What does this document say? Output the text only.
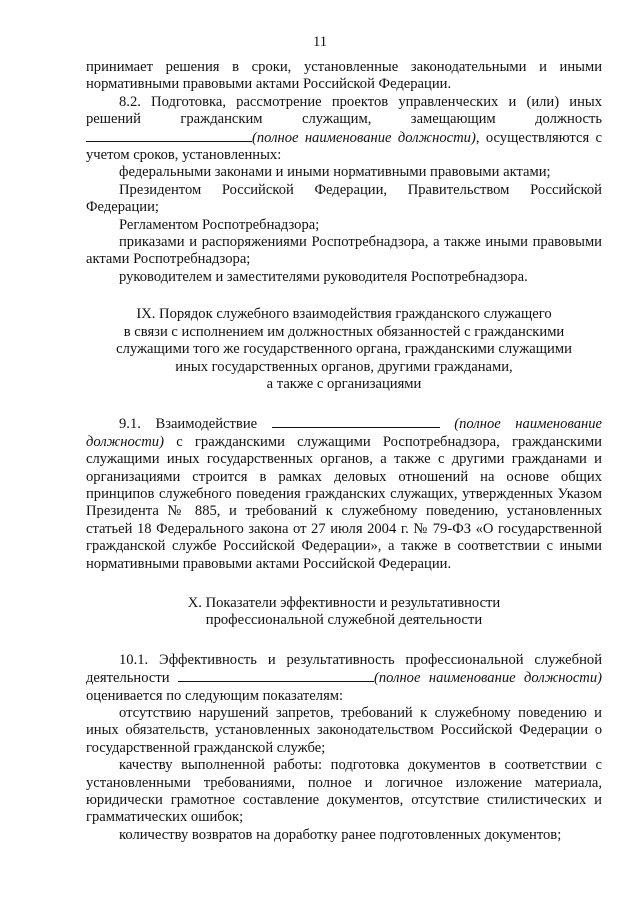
11

принимает решения в сроки, установленные законодательными и иными нормативными правовыми актами Российской Федерации.

8.2. Подготовка, рассмотрение проектов управленческих и (или) иных решений гражданским служащим, замещающим должность (полное наименование должности), осуществляются с учетом сроков, установленных:

федеральными законами и иными нормативными правовыми актами;

Президентом Российской Федерации, Правительством Российской Федерации;

Регламентом Роспотребнадзора;

приказами и распоряжениями Роспотребнадзора, а также иными правовыми актами Роспотребнадзора;

руководителем и заместителями руководителя Роспотребнадзора.

IX. Порядок служебного взаимодействия гражданского служащего

в связи с исполнением им должностных обязанностей с гражданскими

служащими того же государственного органа, гражданскими служащими

иных государственных органов, другими гражданами,

а также с организациями

9.1. Взаимодействие	(полное наименование должности) с гражданскими служащими Роспотребнадзора, гражданскими служащими иных государственных органов, а также с другими гражданами и организациями строится в рамках деловых отношений на основе общих принципов служебного поведения гражданских служащих, утвержденных Указом Президента № 885, и требований к служебному поведению, установленных статьей 18 Федерального закона от 27 июля 2004 г. № 79-ФЗ «О государственной гражданской службе Российской Федерации», а также в соответствии с иными нормативными правовыми актами Российской Федерации.

X. Показатели эффективности и результативности

профессиональной служебной деятельности

10.1. Эффективность и результативность профессиональной служебной деятельности	(полное наименование должности) оценивается по следующим показателям:

отсутствию нарушений запретов, требований к служебному поведению и иных обязательств, установленных законодательством Российской Федерации о государственной гражданской службе;

качеству выполненной работы: подготовка документов в соответствии с установленными требованиями, полное и логичное изложение материала, юридически грамотное составление документов, отсутствие стилистических и грамматических ошибок;

количеству возвратов на доработку ранее подготовленных документов;
